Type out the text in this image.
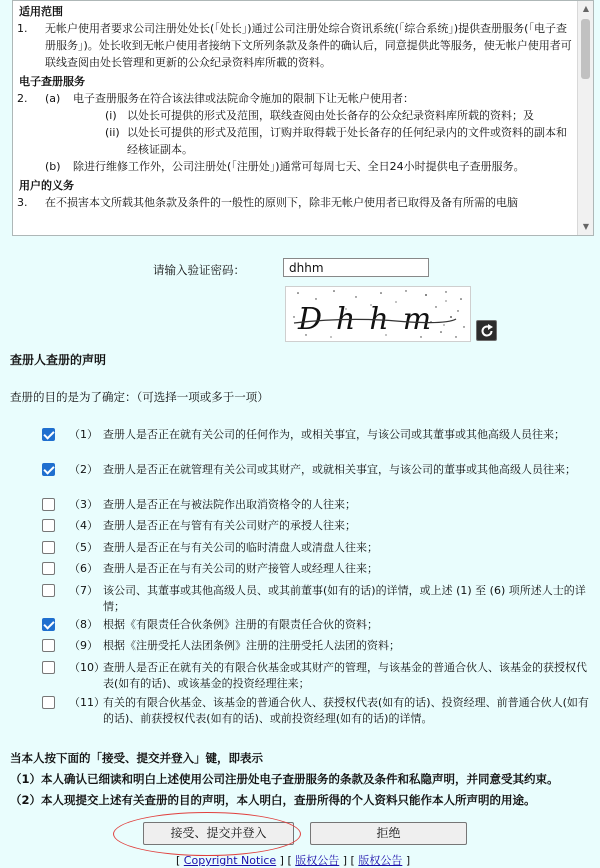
适用范围
1.	无帐户使用者要求公司注册处处长(「处长」)通过公司注册处综合资讯系统(「综合系统」)提供查册服务(「电子查册服务」)。处长收到无帐户使用者接纳下文所列条款及条件的确认后，同意提供此等服务，使无帐户使用者可联线查阅由处长管理和更新的公众纪录资料库所載的资料。
电子查册服务
2.	(a)	电子查册服务在符合该法律或法院命令施加的限制下让无帐户使用者：
(i) 以处长可提供的形式及范围，联线查阅由处长备存的公众纪录资料库所载的资料；及
(ii) 以处长可提供的形式及范围，订购并取得载于处长备存的任何纪录内的文件或资料的副本和经核证副本。
(b)	除进行维修工作外，公司注册处(「注册处」)通常可每周七天、全日24小时提供电子查册服务。
用户的义务
3.	在不损害本文所载其他条款及条件的一般性的原则下，除非无帐户使用者已取得及备有所需的电脑
▲
▼
请输入验证密码：
dhhm
Dhhm
查册人查册的声明
查册的目的是为了确定：（可选择一项或多于一项）
（1） 查册人是否正在就有关公司的任何作为，或相关事宜，与该公司或其董事或其他高级人员往来；
（2） 查册人是否正在就管理有关公司或其财产，或就相关事宜，与该公司的董事或其他高级人员往来；
（3） 查册人是否正在与被法院作出取消资格令的人往来；
（4） 查册人是否正在与管有有关公司财产的承授人往来；
（5） 查册人是否正在与有关公司的临时清盘人或清盘人往来；
（6） 查册人是否正在与有关公司的财产接管人或经理人往来；
（7） 该公司、其董事或其他高级人员、或其前董事(如有的话)的详情，或上述 (1) 至 (6) 项所述人士的详情；
（8） 根据《有限责任合伙条例》注册的有限责任合伙的资料；
（9） 根据《注册受托人法团条例》注册的注册受托人法团的资料；
（10）
查册人是否正在就有关的有限合伙基金或其财产的管理，与该基金的普通合伙人、该基金的获授权代表(如有的话)、或该基金的投资经理往来；
（11）
有关的有限合伙基金、该基金的普通合伙人、获授权代表(如有的话)、投资经理、前普通合伙人(如有的话)、前获授权代表(如有的话)、或前投资经理(如有的话)的详情。
当本人按下面的「接受、提交并登入」键，即表示
（1）本人确认已细读和明白上述使用公司注册处电子查册服务的条款及条件和私隐声明，并同意受其约束。
（2）本人现提交上述有关查册的目的声明，本人明白，查册所得的个人资料只能作本人所声明的用途。
接受、提交并登入	拒绝
[ Copyright Notice ] [ 版权公告 ] [ 版权公告 ]
